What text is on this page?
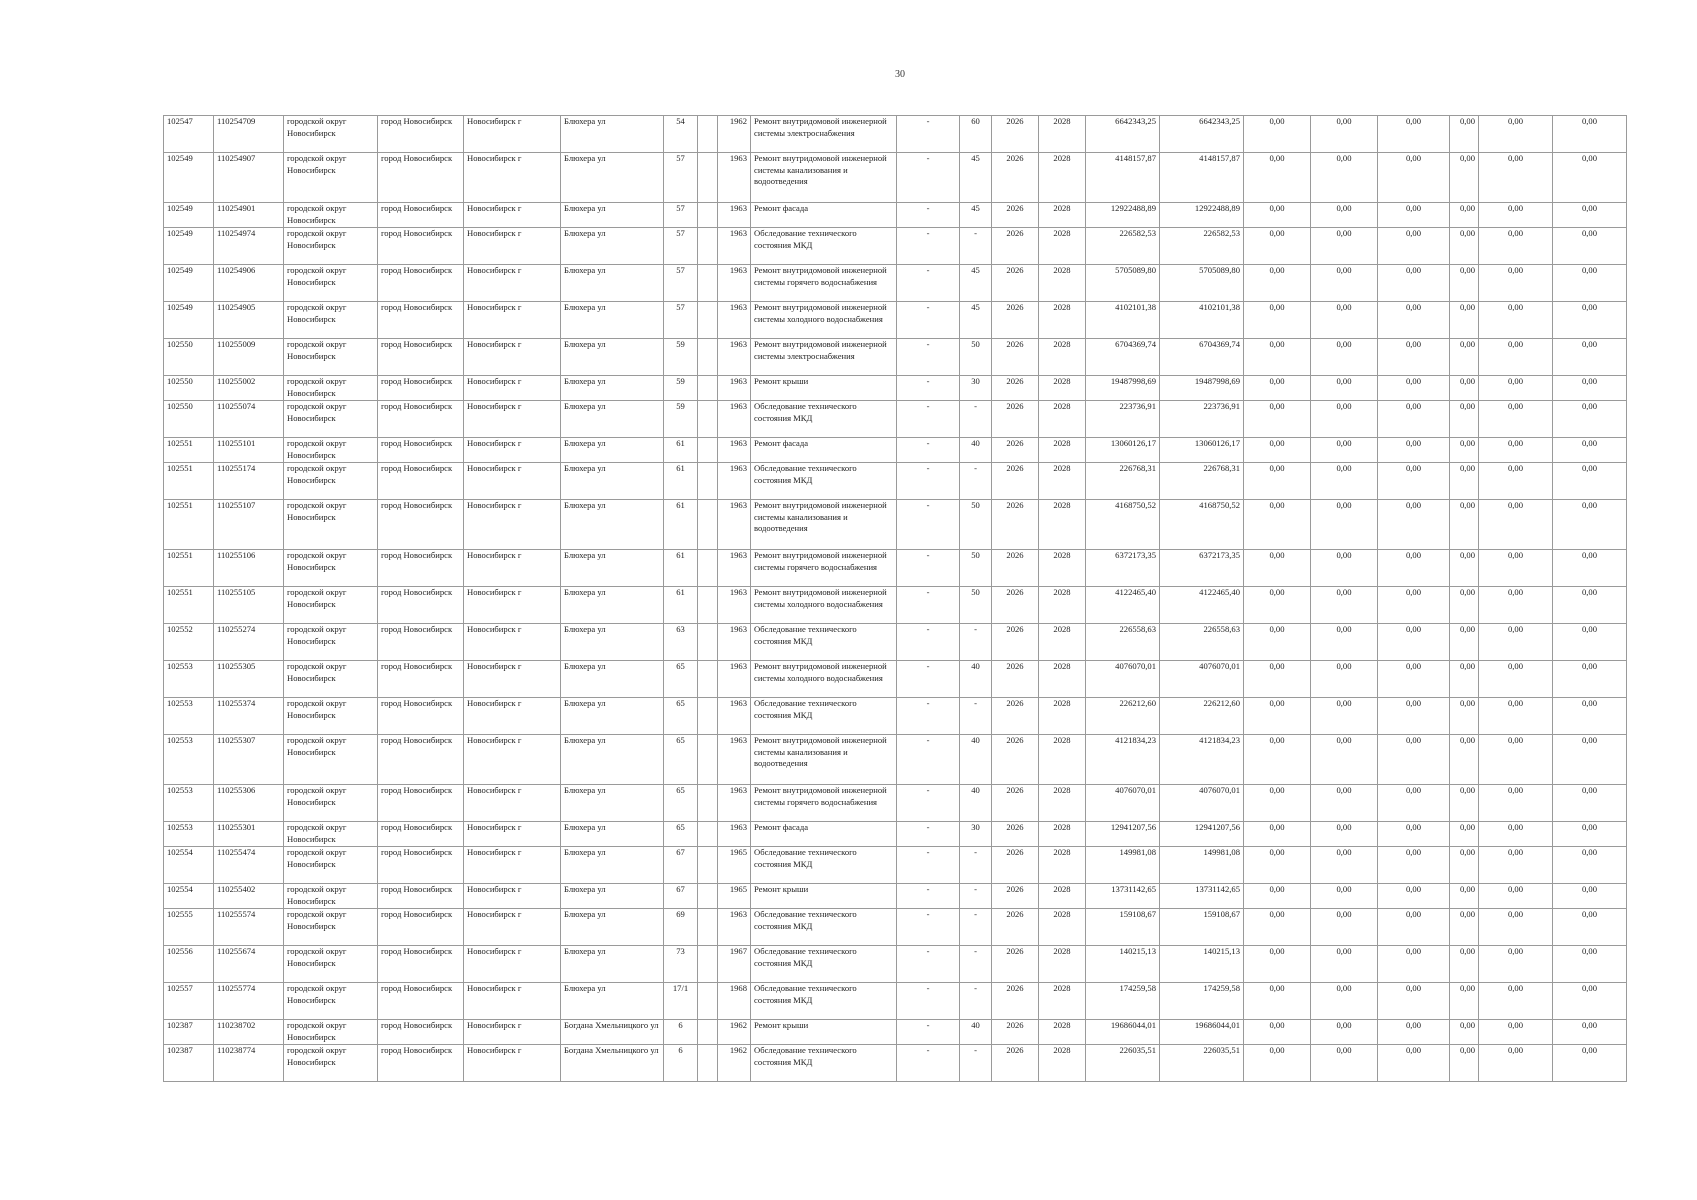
30
102547	110254709	городской округ Новосибирск	город Новосибирск	Новосибирск г	Блюхера ул	54		1962	Ремонт внутридомовой инженерной системы электроснабжения	-	60	2026	2028	6642343,25	6642343,25	0,00	0,00	0,00	0,00	0,00	0,00
102549	110254907	городской округ Новосибирск	город Новосибирск	Новосибирск г	Блюхера ул	57		1963	Ремонт внутридомовой инженерной системы канализования и водоотведения	-	45	2026	2028	4148157,87	4148157,87	0,00	0,00	0,00	0,00	0,00	0,00
102549	110254901	городской округ Новосибирск	город Новосибирск	Новосибирск г	Блюхера ул	57		1963	Ремонт фасада	-	45	2026	2028	12922488,89	12922488,89	0,00	0,00	0,00	0,00	0,00	0,00
102549	110254974	городской округ Новосибирск	город Новосибирск	Новосибирск г	Блюхера ул	57		1963	Обследование технического состояния МКД	-	-	2026	2028	226582,53	226582,53	0,00	0,00	0,00	0,00	0,00	0,00
102549	110254906	городской округ Новосибирск	город Новосибирск	Новосибирск г	Блюхера ул	57		1963	Ремонт внутридомовой инженерной системы горячего водоснабжения	-	45	2026	2028	5705089,80	5705089,80	0,00	0,00	0,00	0,00	0,00	0,00
102549	110254905	городской округ Новосибирск	город Новосибирск	Новосибирск г	Блюхера ул	57		1963	Ремонт внутридомовой инженерной системы холодного водоснабжения	-	45	2026	2028	4102101,38	4102101,38	0,00	0,00	0,00	0,00	0,00	0,00
102550	110255009	городской округ Новосибирск	город Новосибирск	Новосибирск г	Блюхера ул	59		1963	Ремонт внутридомовой инженерной системы электроснабжения	-	50	2026	2028	6704369,74	6704369,74	0,00	0,00	0,00	0,00	0,00	0,00
102550	110255002	городской округ Новосибирск	город Новосибирск	Новосибирск г	Блюхера ул	59		1963	Ремонт крыши	-	30	2026	2028	19487998,69	19487998,69	0,00	0,00	0,00	0,00	0,00	0,00
102550	110255074	городской округ Новосибирск	город Новосибирск	Новосибирск г	Блюхера ул	59		1963	Обследование технического состояния МКД	-	-	2026	2028	223736,91	223736,91	0,00	0,00	0,00	0,00	0,00	0,00
102551	110255101	городской округ Новосибирск	город Новосибирск	Новосибирск г	Блюхера ул	61		1963	Ремонт фасада	-	40	2026	2028	13060126,17	13060126,17	0,00	0,00	0,00	0,00	0,00	0,00
102551	110255174	городской округ Новосибирск	город Новосибирск	Новосибирск г	Блюхера ул	61		1963	Обследование технического состояния МКД	-	-	2026	2028	226768,31	226768,31	0,00	0,00	0,00	0,00	0,00	0,00
102551	110255107	городской округ Новосибирск	город Новосибирск	Новосибирск г	Блюхера ул	61		1963	Ремонт внутридомовой инженерной системы канализования и водоотведения	-	50	2026	2028	4168750,52	4168750,52	0,00	0,00	0,00	0,00	0,00	0,00
102551	110255106	городской округ Новосибирск	город Новосибирск	Новосибирск г	Блюхера ул	61		1963	Ремонт внутридомовой инженерной системы горячего водоснабжения	-	50	2026	2028	6372173,35	6372173,35	0,00	0,00	0,00	0,00	0,00	0,00
102551	110255105	городской округ Новосибирск	город Новосибирск	Новосибирск г	Блюхера ул	61		1963	Ремонт внутридомовой инженерной системы холодного водоснабжения	-	50	2026	2028	4122465,40	4122465,40	0,00	0,00	0,00	0,00	0,00	0,00
102552	110255274	городской округ Новосибирск	город Новосибирск	Новосибирск г	Блюхера ул	63		1963	Обследование технического состояния МКД	-	-	2026	2028	226558,63	226558,63	0,00	0,00	0,00	0,00	0,00	0,00
102553	110255305	городской округ Новосибирск	город Новосибирск	Новосибирск г	Блюхера ул	65		1963	Ремонт внутридомовой инженерной системы холодного водоснабжения	-	40	2026	2028	4076070,01	4076070,01	0,00	0,00	0,00	0,00	0,00	0,00
102553	110255374	городской округ Новосибирск	город Новосибирск	Новосибирск г	Блюхера ул	65		1963	Обследование технического состояния МКД	-	-	2026	2028	226212,60	226212,60	0,00	0,00	0,00	0,00	0,00	0,00
102553	110255307	городской округ Новосибирск	город Новосибирск	Новосибирск г	Блюхера ул	65		1963	Ремонт внутридомовой инженерной системы канализования и водоотведения	-	40	2026	2028	4121834,23	4121834,23	0,00	0,00	0,00	0,00	0,00	0,00
102553	110255306	городской округ Новосибирск	город Новосибирск	Новосибирск г	Блюхера ул	65		1963	Ремонт внутридомовой инженерной системы горячего водоснабжения	-	40	2026	2028	4076070,01	4076070,01	0,00	0,00	0,00	0,00	0,00	0,00
102553	110255301	городской округ Новосибирск	город Новосибирск	Новосибирск г	Блюхера ул	65		1963	Ремонт фасада	-	30	2026	2028	12941207,56	12941207,56	0,00	0,00	0,00	0,00	0,00	0,00
102554	110255474	городской округ Новосибирск	город Новосибирск	Новосибирск г	Блюхера ул	67		1965	Обследование технического состояния МКД	-	-	2026	2028	149981,08	149981,08	0,00	0,00	0,00	0,00	0,00	0,00
102554	110255402	городской округ Новосибирск	город Новосибирск	Новосибирск г	Блюхера ул	67		1965	Ремонт крыши	-	-	2026	2028	13731142,65	13731142,65	0,00	0,00	0,00	0,00	0,00	0,00
102555	110255574	городской округ Новосибирск	город Новосибирск	Новосибирск г	Блюхера ул	69		1963	Обследование технического состояния МКД	-	-	2026	2028	159108,67	159108,67	0,00	0,00	0,00	0,00	0,00	0,00
102556	110255674	городской округ Новосибирск	город Новосибирск	Новосибирск г	Блюхера ул	73		1967	Обследование технического состояния МКД	-	-	2026	2028	140215,13	140215,13	0,00	0,00	0,00	0,00	0,00	0,00
102557	110255774	городской округ Новосибирск	город Новосибирск	Новосибирск г	Блюхера ул	17/1		1968	Обследование технического состояния МКД	-	-	2026	2028	174259,58	174259,58	0,00	0,00	0,00	0,00	0,00	0,00
102387	110238702	городской округ Новосибирск	город Новосибирск	Новосибирск г	Богдана Хмельницкого ул	6		1962	Ремонт крыши	-	40	2026	2028	19686044,01	19686044,01	0,00	0,00	0,00	0,00	0,00	0,00
102387	110238774	городской округ Новосибирск	город Новосибирск	Новосибирск г	Богдана Хмельницкого ул	6		1962	Обследование технического состояния МКД	-	-	2026	2028	226035,51	226035,51	0,00	0,00	0,00	0,00	0,00	0,00
